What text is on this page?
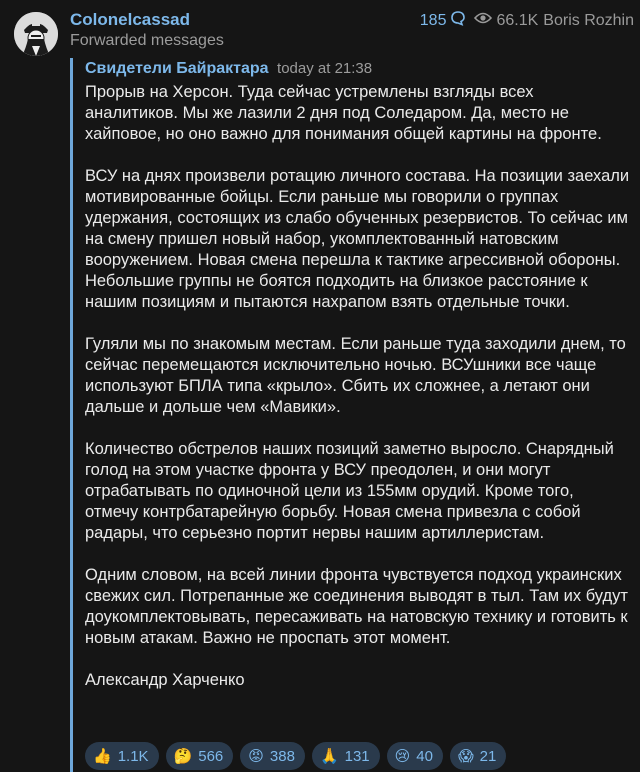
Colonelcassad	185	66.1K Boris Rozhin
Forwarded messages
Свидетели Байрактара today at 21:38

Прорыв на Херсон. Туда сейчас устремлены взгляды всех аналитиков. Мы же лазили 2 дня под Соледаром. Да, место не хайповое, но оно важно для понимания общей картины на фронте.

ВСУ на днях произвели ротацию личного состава. На позиции заехали мотивированные бойцы. Если раньше мы говорили о группах удержания, состоящих из слабо обученных резервистов. То сейчас им на смену пришел новый набор, укомплектованный натовским вооружением. Новая смена перешла к тактике агрессивной обороны. Небольшие группы не боятся подходить на близкое расстояние к нашим позициям и пытаются нахрапом взять отдельные точки.

Гуляли мы по знакомым местам. Если раньше туда заходили днем, то сейчас перемещаются исключительно ночью. ВСУшники все чаще используют БПЛА типа «крыло». Сбить их сложнее, а летают они дальше и дольше чем «Мавики».

Количество обстрелов наших позиций заметно выросло. Снарядный голод на этом участке фронта у ВСУ преодолен, и они могут отрабатывать по одиночной цели из 155мм орудий. Кроме того, отмечу контрбатарейную борьбу. Новая смена привезла с собой радары, что серьезно портит нервы нашим артиллеристам.

Одним словом, на всей линии фронта чувствуется подход украинских свежих сил. Потрепанные же соединения выводят в тыл. Там их будут доукомплектовывать, пересаживать на натовскую технику и готовить к новым атакам. Важно не проспать этот момент.

Александр Харченко

👍 1.1K 🤔 566 😡 388 🙏 131 😢 40 😱 21
